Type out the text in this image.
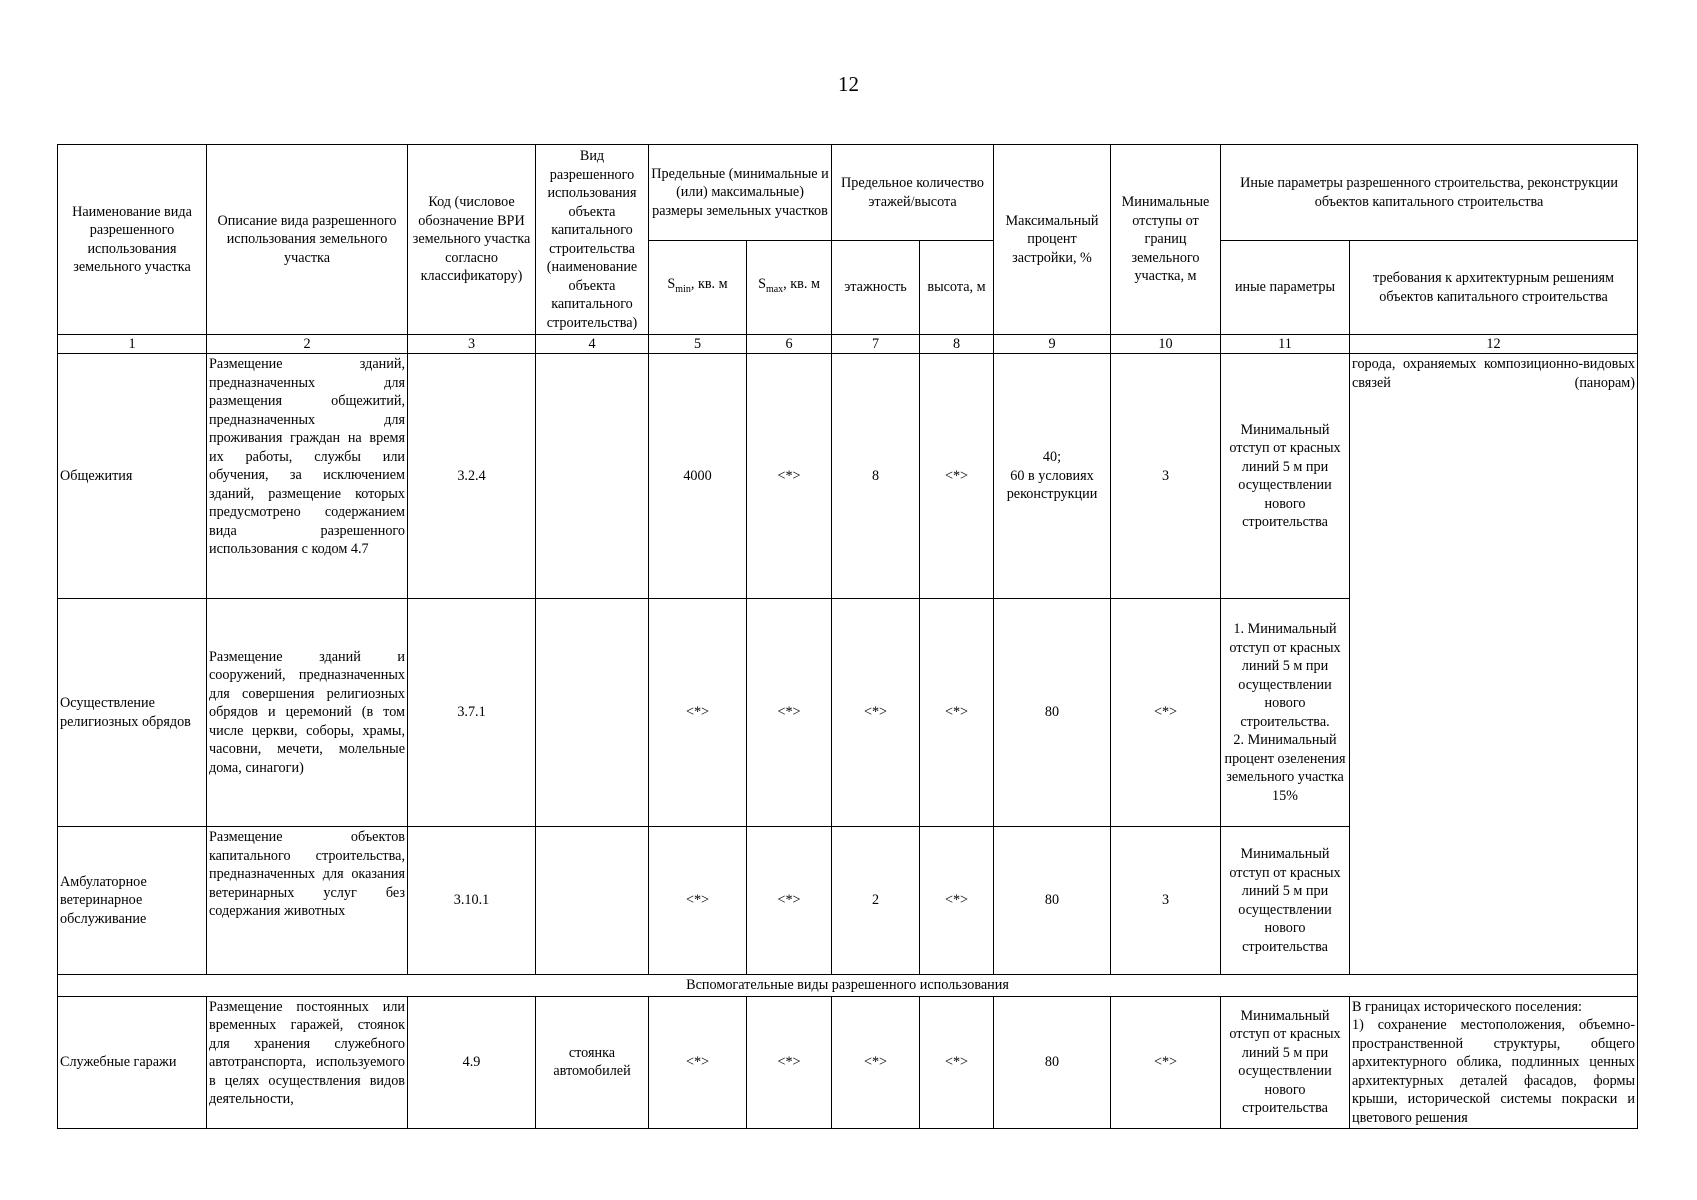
12
Наименование вида разрешенного использования земельного участка	Описание вида разрешенного использования земельного участка	Код (числовое обозначение ВРИ земельного участка согласно классификатору)	Вид разрешенного использования объекта капитального строительства (наименование объекта капитального строительства)	Предельные (минимальные и (или) максимальные) размеры земельных участков		Предельное количество этажей/высота		Максимальный процент застройки, %	Минимальные отступы от границ земельного участка, м	Иные параметры разрешенного строительства, реконструкции объектов капитального строительства	
				$S_{min}$, кв. м	$S_{max}$, кв. м	этажность	высота, м			иные параметры	требования к архитектурным решениям объектов капитального строительства
1	2	3	4	5	6	7	8	9	10	11	12
Общежития	Размещение зданий, предназначенных для размещения общежитий, предназначенных для проживания граждан на время их работы, службы или обучения, за исключением зданий, размещение которых предусмотрено содержанием вида разрешенного использования с кодом 4.7	3.2.4		4000	<*>	8	<*>	40;
60 в условиях реконструкции	3	Минимальный отступ от красных линий 5 м при осуществлении нового строительства	города, охраняемых композиционно-видовых связей (панорам)
Осуществление религиозных обрядов	Размещение зданий и сооружений, предназначенных для совершения религиозных обрядов и церемоний (в том числе церкви, соборы, храмы, часовни, мечети, молельные дома, синагоги)	3.7.1		<*>	<*>	<*>	<*>	80	<*>	1. Минимальный отступ от красных линий 5 м при осуществлении нового строительства.
2. Минимальный процент озеленения земельного участка 15%	

Амбулаторное ветеринарное обслуживание	Размещение объектов капитального строительства, предназначенных для оказания ветеринарных услуг без содержания животных	3.10.1		<*>	<*>	2	<*>	80	3	Минимальный отступ от красных линий 5 м при осуществлении нового строительства	
Вспомогательные виды разрешенного использования											
Служебные гаражи	Размещение постоянных или временных гаражей, стоянок для хранения служебного автотранспорта, используемого в целях осуществления видов деятельности,	4.9	стоянка автомобилей	<*>	<*>	<*>	<*>	80	<*>	Минимальный отступ от красных линий 5 м при осуществлении нового строительства	В границах исторического поселения:
1) сохранение местоположения, объемно-пространственной структуры, общего архитектурного облика, подлинных ценных архитектурных деталей фасадов, формы крыши, исторической системы покраски и цветового решения
